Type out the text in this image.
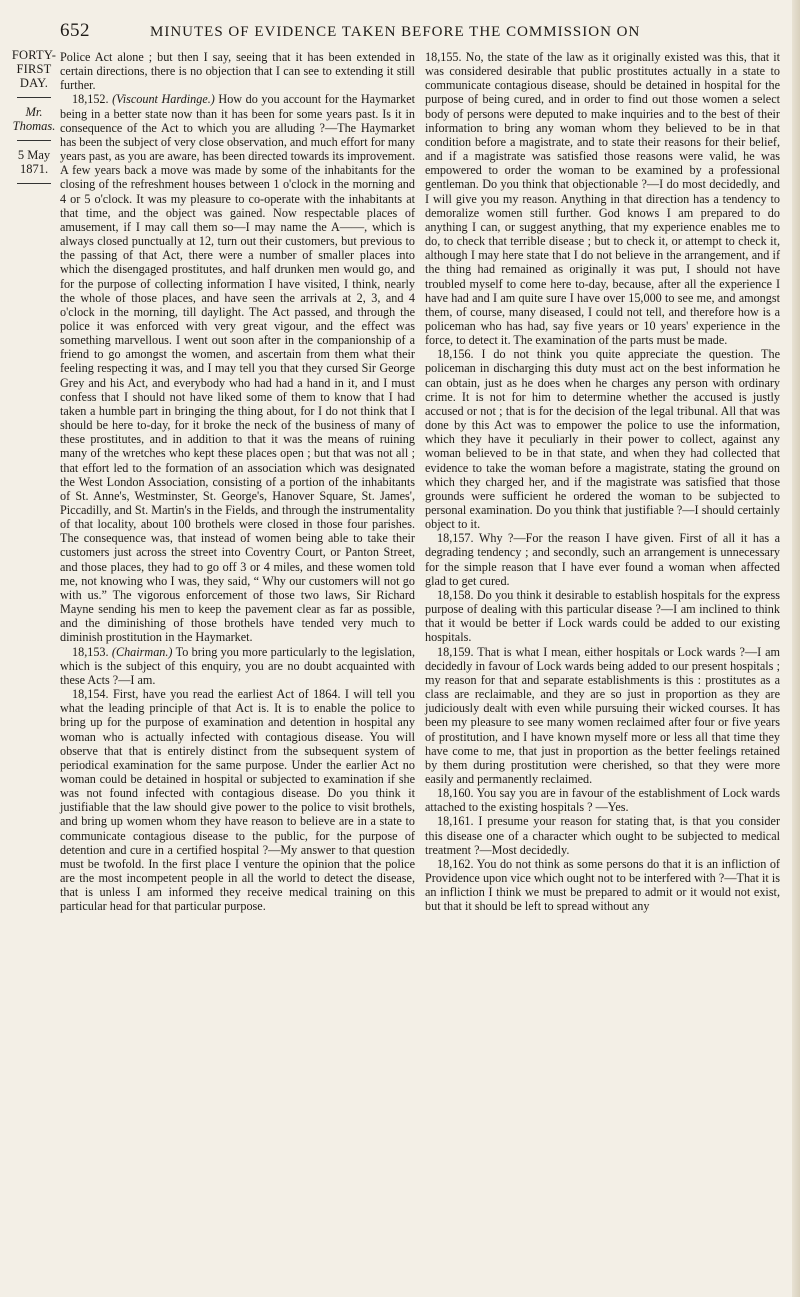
652	MINUTES OF EVIDENCE TAKEN BEFORE THE COMMISSION ON
FORTY-FIRST DAY.
Mr. Thomas.
5 May 1871.

Police Act alone ; but then I say, seeing that it has been extended in certain directions, there is no objection that I can see to extending it still further.

18,152. (Viscount Hardinge.) How do you account for the Haymarket being in a better state now than it has been for some years past. Is it in consequence of the Act to which you are alluding ?—The Haymarket has been the subject of very close observation, and much effort for many years past, as you are aware, has been directed towards its improvement. A few years back a move was made by some of the inhabitants for the closing of the refreshment houses between 1 o'clock in the morning and 4 or 5 o'clock. It was my pleasure to co-operate with the inhabitants at that time, and the object was gained. Now respectable places of amusement, if I may call them so—I may name the A——, which is always closed punctually at 12, turn out their customers, but previous to the passing of that Act, there were a number of smaller places into which the disengaged prostitutes, and half drunken men would go, and for the purpose of collecting information I have visited, I think, nearly the whole of those places, and have seen the arrivals at 2, 3, and 4 o'clock in the morning, till daylight. The Act passed, and through the police it was enforced with very great vigour, and the effect was something marvellous. I went out soon after in the companionship of a friend to go amongst the women, and ascertain from them what their feeling respecting it was, and I may tell you that they cursed Sir George Grey and his Act, and everybody who had had a hand in it, and I must confess that I should not have liked some of them to know that I had taken a humble part in bringing the thing about, for I do not think that I should be here to-day, for it broke the neck of the business of many of these prostitutes, and in addition to that it was the means of ruining many of the wretches who kept these places open ; but that was not all ; that effort led to the formation of an association which was designated the West London Association, consisting of a portion of the inhabitants of St. Anne's, Westminster, St. George's, Hanover Square, St. James', Piccadilly, and St. Martin's in the Fields, and through the instrumentality of that locality, about 100 brothels were closed in those four parishes. The consequence was, that instead of women being able to take their customers just across the street into Coventry Court, or Panton Street, and those places, they had to go off 3 or 4 miles, and these women told me, not knowing who I was, they said, “ Why our customers will not go with us.” The vigorous enforcement of those two laws, Sir Richard Mayne sending his men to keep the pavement clear as far as possible, and the diminishing of those brothels have tended very much to diminish prostitution in the Haymarket.

18,153. (Chairman.) To bring you more particularly to the legislation, which is the subject of this enquiry, you are no doubt acquainted with these Acts ?—I am.

18,154. First, have you read the earliest Act of 1864. I will tell you what the leading principle of that Act is. It is to enable the police to bring up for the purpose of examination and detention in hospital any woman who is actually infected with contagious disease. You will observe that that is entirely distinct from the subsequent system of periodical examination for the same purpose. Under the earlier Act no woman could be detained in hospital or subjected to examination if she was not found infected with contagious disease. Do you think it justifiable that the law should give power to the police to visit brothels, and bring up women whom they have reason to believe are in a state to communicate contagious disease to the public, for the purpose of detention and cure in a certified hospital ?—My answer to that question must be twofold. In the first place I venture the opinion that the police are the most incompetent people in all the world to detect the disease, that is unless I am informed they receive medical training on this particular head for that particular purpose.

18,155. No, the state of the law as it originally existed was this, that it was considered desirable that public prostitutes actually in a state to communicate contagious disease, should be detained in hospital for the purpose of being cured, and in order to find out those women a select body of persons were deputed to make inquiries and to the best of their information to bring any woman whom they believed to be in that condition before a magistrate, and to state their reasons for their belief, and if a magistrate was satisfied those reasons were valid, he was empowered to order the woman to be examined by a professional gentleman. Do you think that objectionable ?—I do most decidedly, and I will give you my reason. Anything in that direction has a tendency to demoralize women still further. God knows I am prepared to do anything I can, or suggest anything, that my experience enables me to do, to check that terrible disease ; but to check it, or attempt to check it, although I may here state that I do not believe in the arrangement, and if the thing had remained as originally it was put, I should not have troubled myself to come here to-day, because, after all the experience I have had and I am quite sure I have over 15,000 to see me, and amongst them, of course, many diseased, I could not tell, and therefore how is a policeman who has had, say five years or 10 years' experience in the force, to detect it. The examination of the parts must be made.

18,156. I do not think you quite appreciate the question. The policeman in discharging this duty must act on the best information he can obtain, just as he does when he charges any person with ordinary crime. It is not for him to determine whether the accused is justly accused or not ; that is for the decision of the legal tribunal. All that was done by this Act was to empower the police to use the information, which they have it peculiarly in their power to collect, against any woman believed to be in that state, and when they had collected that evidence to take the woman before a magistrate, stating the ground on which they charged her, and if the magistrate was satisfied that those grounds were sufficient he ordered the woman to be subjected to personal examination. Do you think that justifiable ?—I should certainly object to it.

18,157. Why ?—For the reason I have given. First of all it has a degrading tendency ; and secondly, such an arrangement is unnecessary for the simple reason that I have ever found a woman when affected glad to get cured.

18,158. Do you think it desirable to establish hospitals for the express purpose of dealing with this particular disease ?—I am inclined to think that it would be better if Lock wards could be added to our existing hospitals.

18,159. That is what I mean, either hospitals or Lock wards ?—I am decidedly in favour of Lock wards being added to our present hospitals ; my reason for that and separate establishments is this : prostitutes as a class are reclaimable, and they are so just in proportion as they are judiciously dealt with even while pursuing their wicked courses. It has been my pleasure to see many women reclaimed after four or five years of prostitution, and I have known myself more or less all that time they have come to me, that just in proportion as the better feelings retained by them during prostitution were cherished, so that they were more easily and permanently reclaimed.

18,160. You say you are in favour of the establishment of Lock wards attached to the existing hospitals ? —Yes.

18,161. I presume your reason for stating that, is that you consider this disease one of a character which ought to be subjected to medical treatment ?—Most decidedly.

18,162. You do not think as some persons do that it is an infliction of Providence upon vice which ought not to be interfered with ?—That it is an infliction I think we must be prepared to admit or it would not exist, but that it should be left to spread without any
